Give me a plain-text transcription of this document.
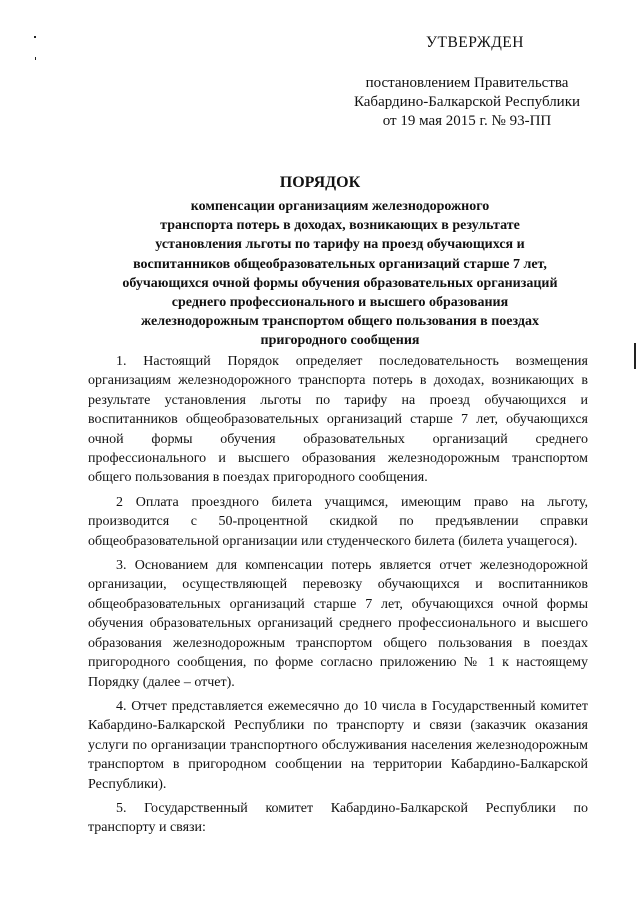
УТВЕРЖДЕН
постановлением Правительства
Кабардино-Балкарской Республики
от 19 мая 2015 г. № 93-ПП
ПОРЯДОК
компенсации организациям железнодорожного
транспорта потерь в доходах, возникающих в результате
установления льготы по тарифу на проезд обучающихся и
воспитанников общеобразовательных организаций старше 7 лет,
обучающихся очной формы обучения образовательных организаций
среднего профессионального и высшего образования
железнодорожным транспортом общего пользования в поездах
пригородного сообщения

1. Настоящий Порядок определяет последовательность возмещения организациям железнодорожного транспорта потерь в доходах, возникающих в результате установления льготы по тарифу на проезд обучающихся и воспитанников общеобразовательных организаций старше 7 лет, обучающихся очной формы обучения образовательных организаций среднего профессионального и высшего образования железнодорожным транспортом общего пользования в поездах пригородного сообщения.

2 Оплата проездного билета учащимся, имеющим право на льготу, производится с 50-процентной скидкой по предъявлении справки общеобразовательной организации или студенческого билета (билета учащегося).

3. Основанием для компенсации потерь является отчет железнодорожной организации, осуществляющей перевозку обучающихся и воспитанников общеобразовательных организаций старше 7 лет, обучающихся очной формы обучения образовательных организаций среднего профессионального и высшего образования железнодорожным транспортом общего пользования в поездах пригородного сообщения, по форме согласно приложению № 1 к настоящему Порядку (далее – отчет).

4. Отчет представляется ежемесячно до 10 числа в Государственный комитет Кабардино-Балкарской Республики по транспорту и связи (заказчик оказания услуги по организации транспортного обслуживания населения железнодорожным транспортом в пригородном сообщении на территории Кабардино-Балкарской Республики).

5. Государственный комитет Кабардино-Балкарской Республики по транспорту и связи:
